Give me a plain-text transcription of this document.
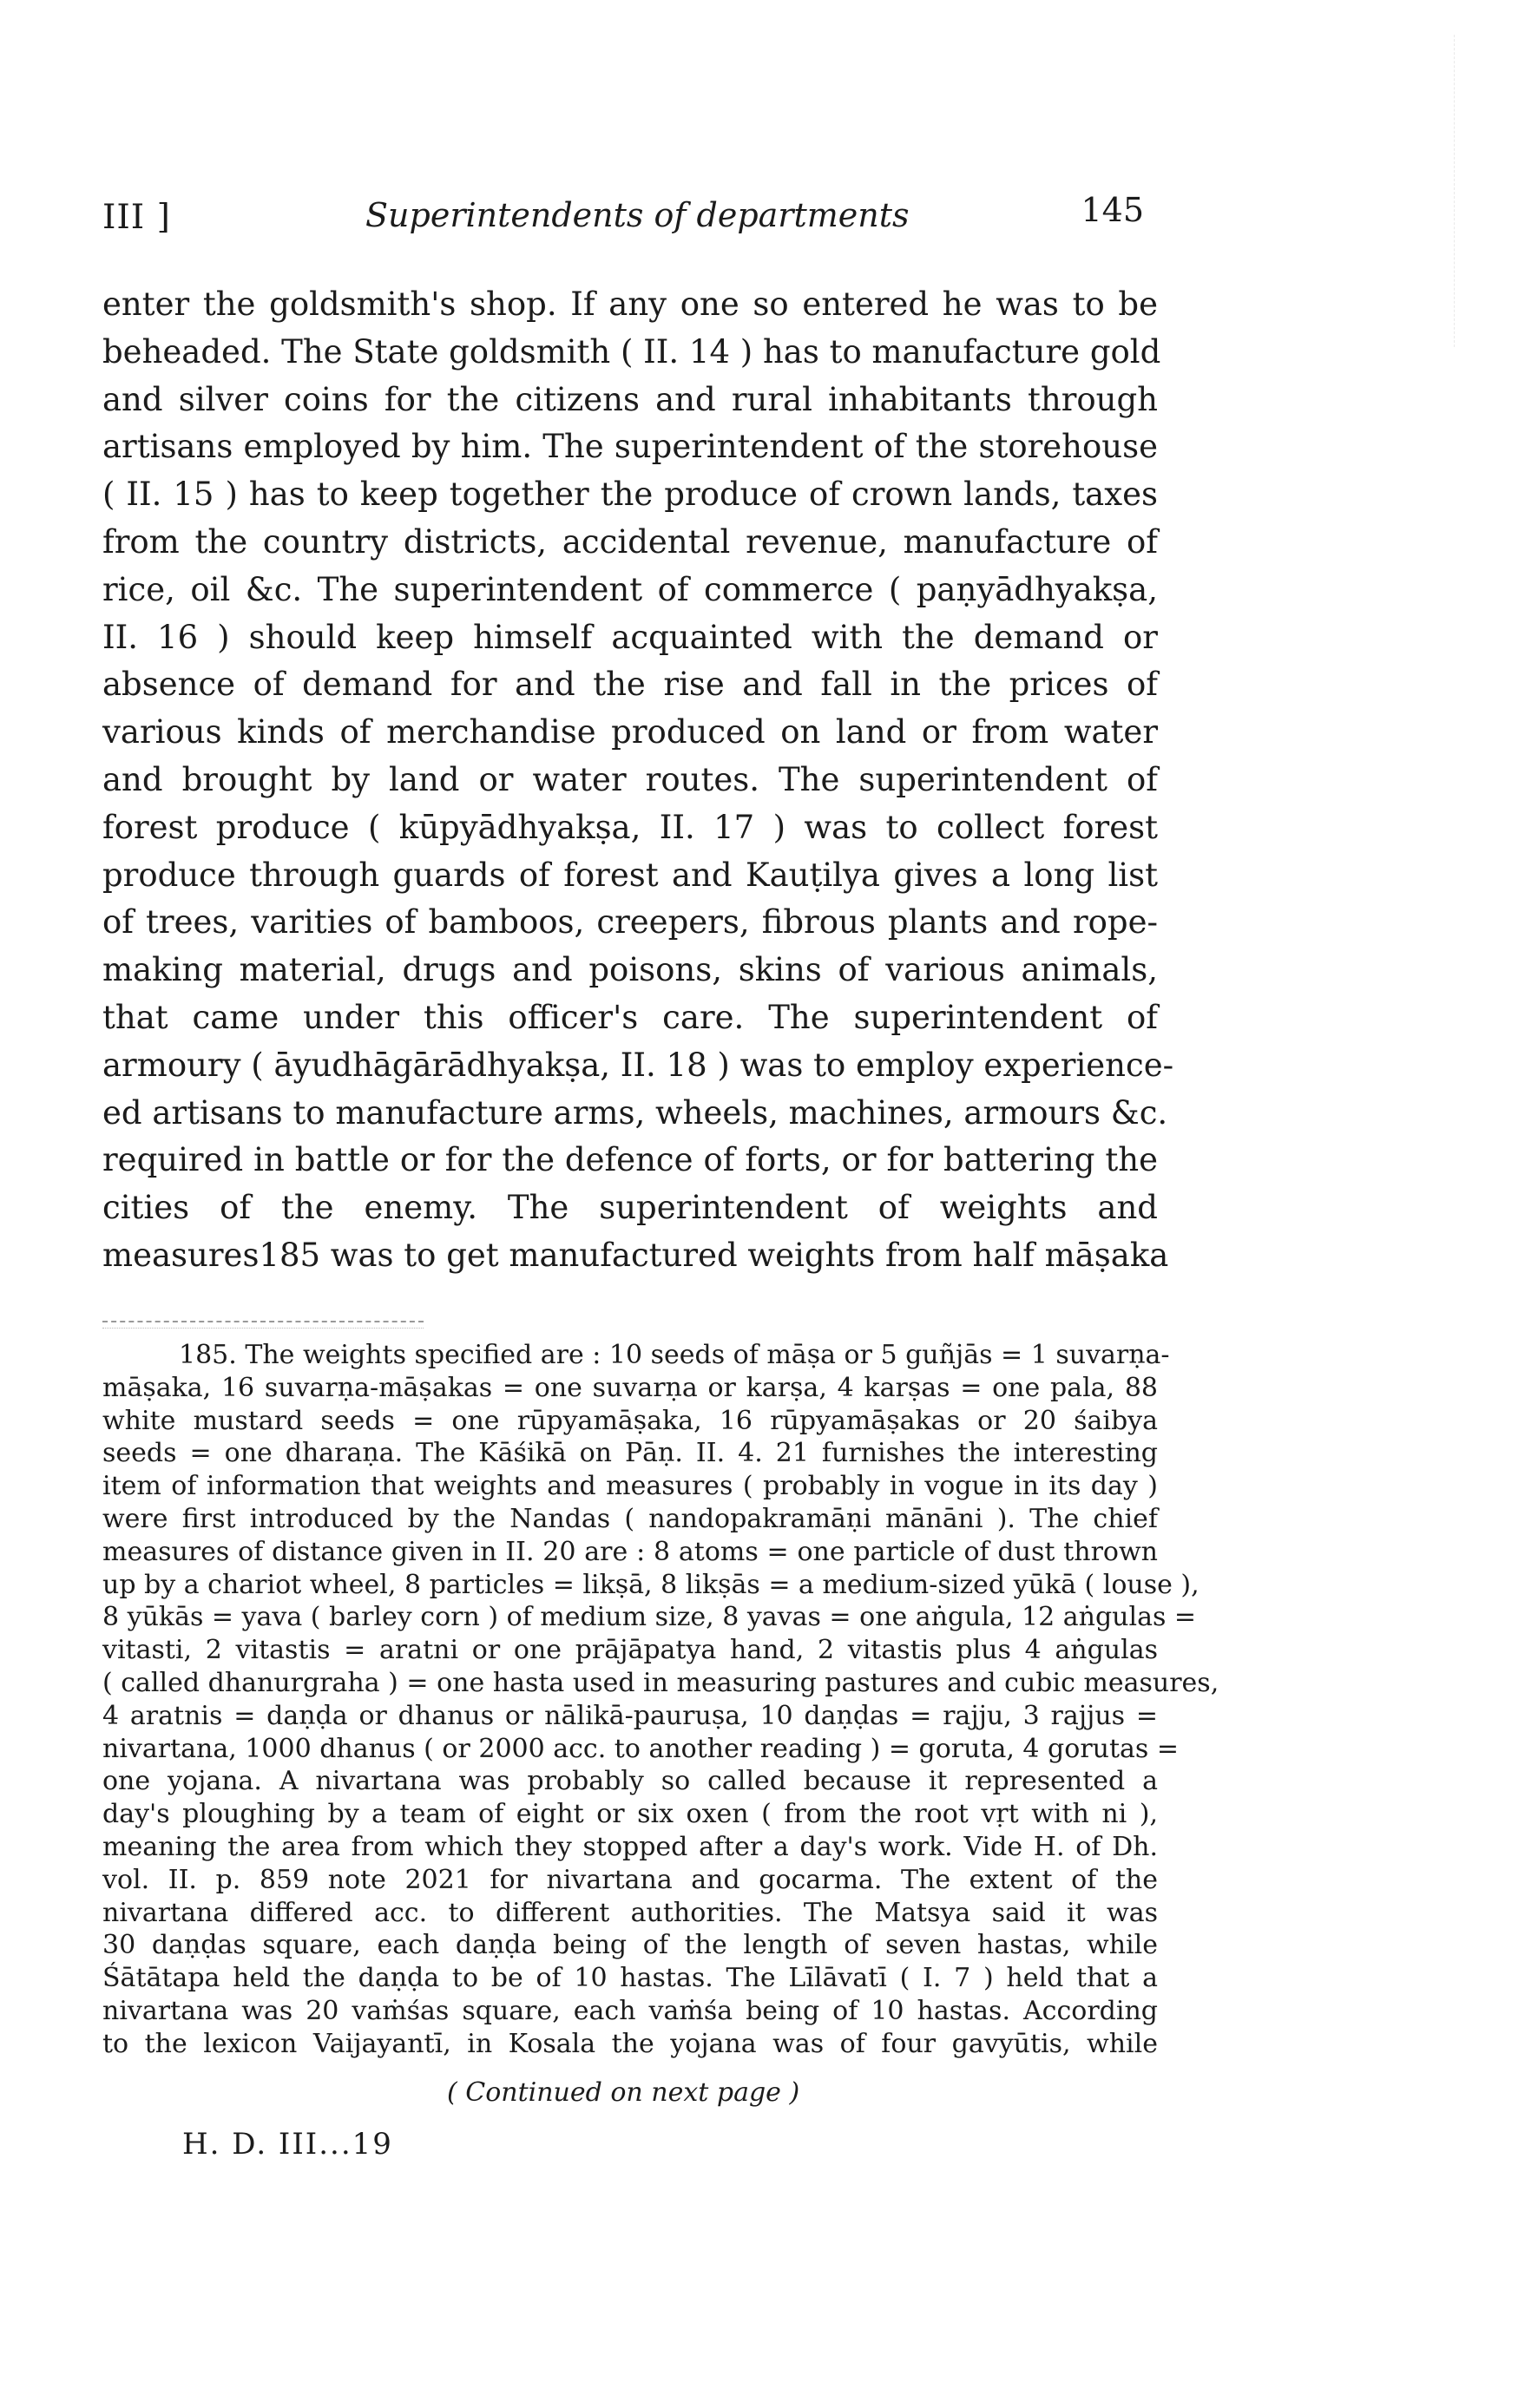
III ]	Superintendents of departments	145
enter the goldsmith's shop. If any one so entered he was to be
beheaded. The State goldsmith ( II. 14 ) has to manufacture gold
and silver coins for the citizens and rural inhabitants through
artisans employed by him. The superintendent of the storehouse
( II. 15 ) has to keep together the produce of crown lands, taxes
from the country districts, accidental revenue, manufacture of
rice, oil &c. The superintendent of commerce ( paṇyādhyakṣa,
II. 16 ) should keep himself acquainted with the demand or
absence of demand for and the rise and fall in the prices of
various kinds of merchandise produced on land or from water
and brought by land or water routes. The superintendent of
forest produce ( kūpyādhyakṣa, II. 17 ) was to collect forest
produce through guards of forest and Kauṭilya gives a long list
of trees, varities of bamboos, creepers, fibrous plants and rope-
making material, drugs and poisons, skins of various animals,
that came under this officer's care. The superintendent of
armoury ( āyudhāgārādhyakṣa, II. 18 ) was to employ experience-
ed artisans to manufacture arms, wheels, machines, armours &c.
required in battle or for the defence of forts, or for battering the
cities of the enemy. The superintendent of weights and
measures185 was to get manufactured weights from half māṣaka
185. The weights specified are : 10 seeds of māṣa or 5 guñjās = 1 suvarṇa-
māṣaka, 16 suvarṇa-māṣakas = one suvarṇa or karṣa, 4 karṣas = one pala, 88
white mustard seeds = one rūpyamāṣaka, 16 rūpyamāṣakas or 20 śaibya
seeds = one dharaṇa. The Kāśikā on Pāṇ. II. 4. 21 furnishes the interesting
item of information that weights and measures ( probably in vogue in its day )
were first introduced by the Nandas ( nandopakramāṇi mānāni ). The chief
measures of distance given in II. 20 are : 8 atoms = one particle of dust thrown
up by a chariot wheel, 8 particles = likṣā, 8 likṣās = a medium-sized yūkā ( louse ),
8 yūkās = yava ( barley corn ) of medium size, 8 yavas = one aṅgula, 12 aṅgulas =
vitasti, 2 vitastis = aratni or one prājāpatya hand, 2 vitastis plus 4 aṅgulas
( called dhanurgraha ) = one hasta used in measuring pastures and cubic measures,
4 aratnis = daṇḍa or dhanus or nālikā-pauruṣa, 10 daṇḍas = rajju, 3 rajjus =
nivartana, 1000 dhanus ( or 2000 acc. to another reading ) = goruta, 4 gorutas =
one yojana. A nivartana was probably so called because it represented a
day's ploughing by a team of eight or six oxen ( from the root vṛt with ni ),
meaning the area from which they stopped after a day's work. Vide H. of Dh.
vol. II. p. 859 note 2021 for nivartana and gocarma. The extent of the
nivartana differed acc. to different authorities. The Matsya said it was
30 daṇḍas square, each daṇḍa being of the length of seven hastas, while
Śātātapa held the daṇḍa to be of 10 hastas. The Līlāvatī ( I. 7 ) held that a
nivartana was 20 vaṁśas square, each vaṁśa being of 10 hastas. According
to the lexicon Vaijayantī, in Kosala the yojana was of four gavyūtis, while
( Continued on next page )
H. D. III...19
